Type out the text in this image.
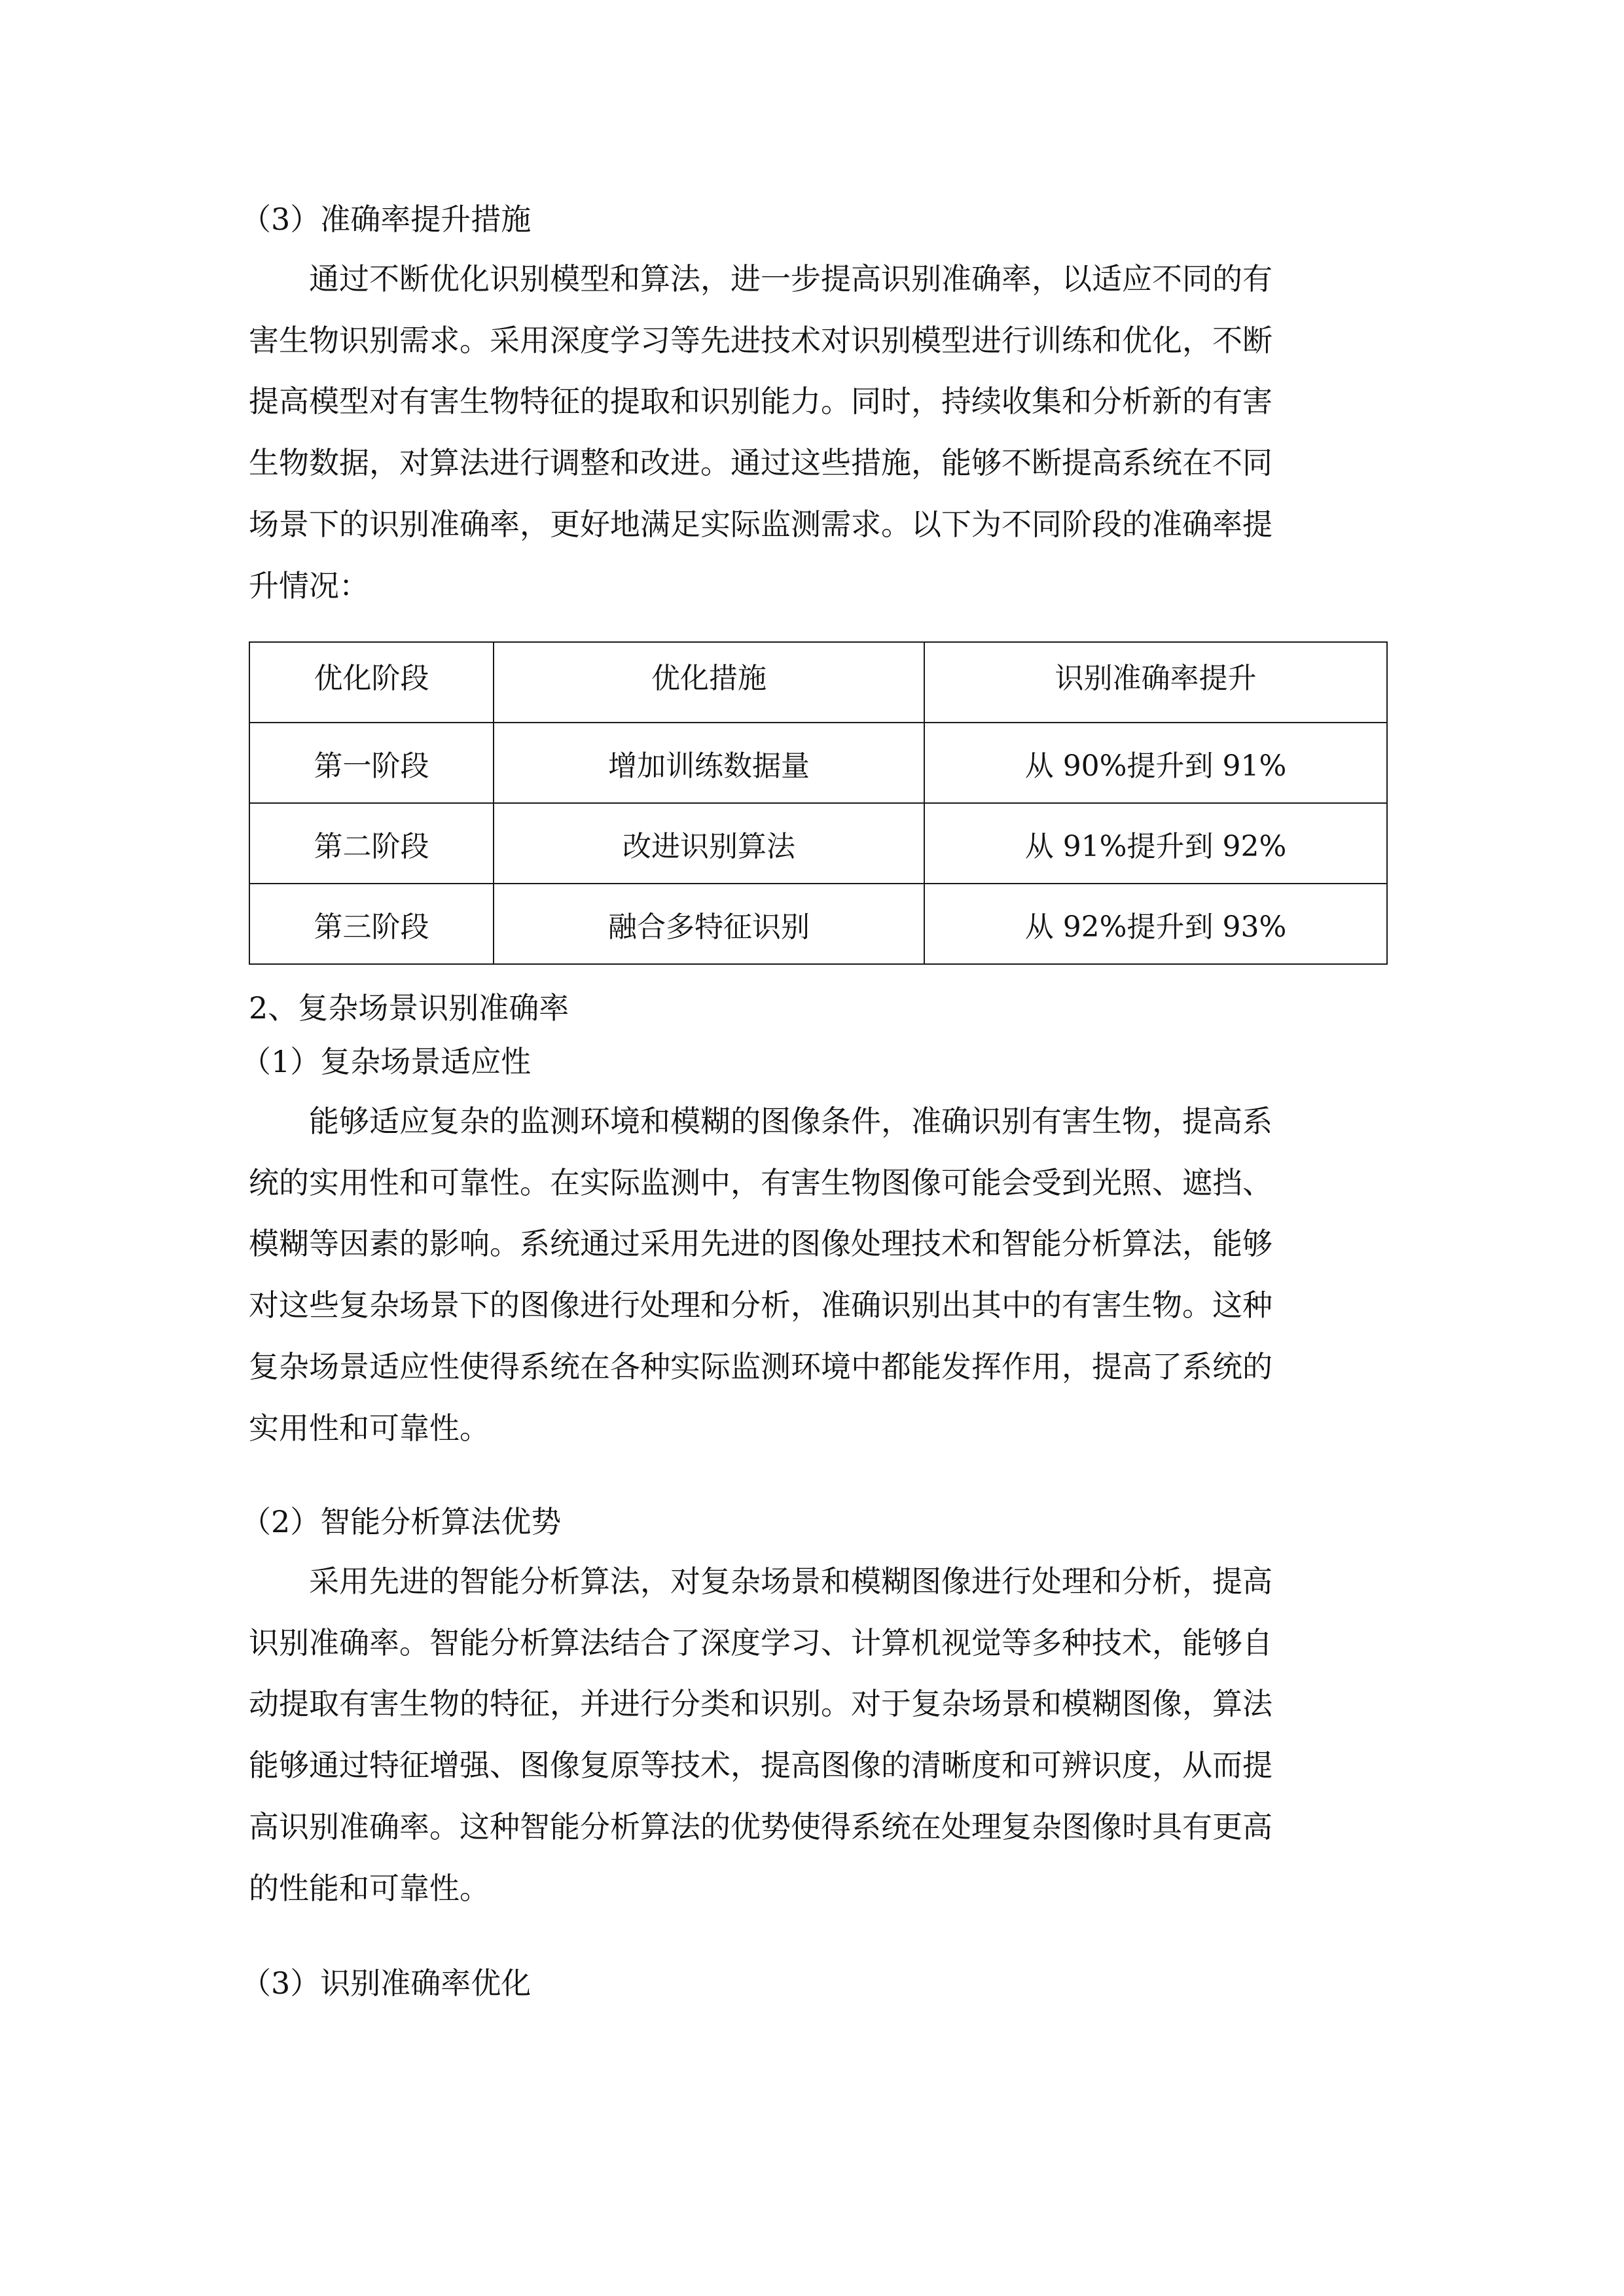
（3）准确率提升措施
通过不断优化识别模型和算法，进一步提高识别准确率，以适应不同的有
害生物识别需求。采用深度学习等先进技术对识别模型进行训练和优化，不断
提高模型对有害生物特征的提取和识别能力。同时，持续收集和分析新的有害
生物数据，对算法进行调整和改进。通过这些措施，能够不断提高系统在不同
场景下的识别准确率，更好地满足实际监测需求。以下为不同阶段的准确率提
升情况：
优化阶段	优化措施	识别准确率提升
第一阶段	增加训练数据量	从 90%提升到 91%
第二阶段	改进识别算法	从 91%提升到 92%
第三阶段	融合多特征识别	从 92%提升到 93%
2、复杂场景识别准确率
（1）复杂场景适应性
能够适应复杂的监测环境和模糊的图像条件，准确识别有害生物，提高系
统的实用性和可靠性。在实际监测中，有害生物图像可能会受到光照、遮挡、
模糊等因素的影响。系统通过采用先进的图像处理技术和智能分析算法，能够
对这些复杂场景下的图像进行处理和分析，准确识别出其中的有害生物。这种
复杂场景适应性使得系统在各种实际监测环境中都能发挥作用，提高了系统的
实用性和可靠性。
（2）智能分析算法优势
采用先进的智能分析算法，对复杂场景和模糊图像进行处理和分析，提高
识别准确率。智能分析算法结合了深度学习、计算机视觉等多种技术，能够自
动提取有害生物的特征，并进行分类和识别。对于复杂场景和模糊图像，算法
能够通过特征增强、图像复原等技术，提高图像的清晰度和可辨识度，从而提
高识别准确率。这种智能分析算法的优势使得系统在处理复杂图像时具有更高
的性能和可靠性。
（3）识别准确率优化
